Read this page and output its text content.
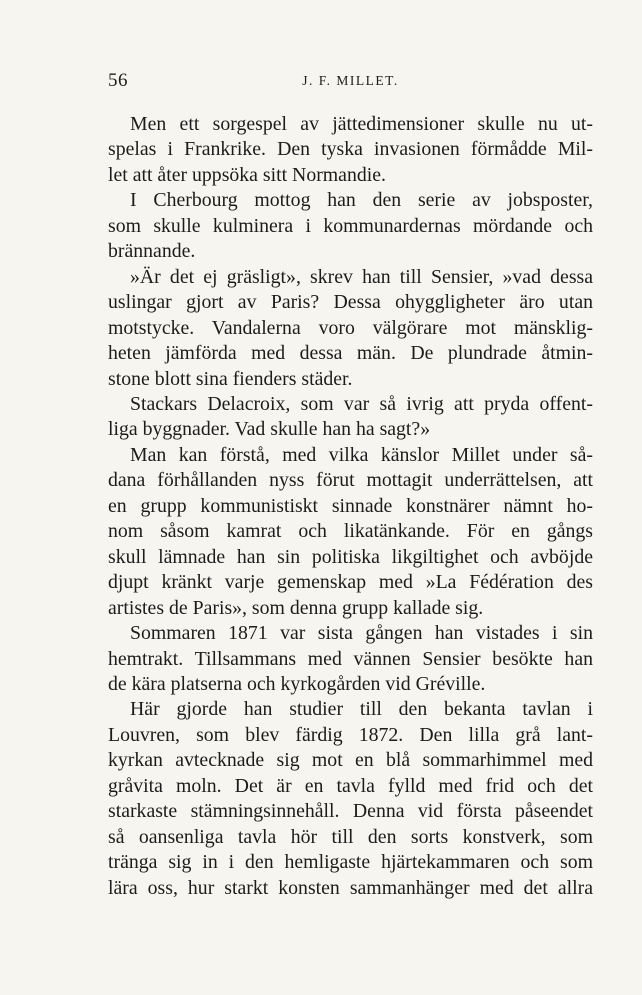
56	J. F. MILLET.
Men ett sorgespel av jättedimensioner skulle nu ut-
spelas i Frankrike. Den tyska invasionen förmådde Mil-
let att åter uppsöka sitt Normandie.
I Cherbourg mottog han den serie av jobsposter,
som skulle kulminera i kommunardernas mördande och
brännande.
»Är det ej gräsligt», skrev han till Sensier, »vad dessa
uslingar gjort av Paris? Dessa ohyggligheter äro utan
motstycke. Vandalerna voro välgörare mot mänsklig-
heten jämförda med dessa män. De plundrade åtmin-
stone blott sina fienders städer.
Stackars Delacroix, som var så ivrig att pryda offent-
liga byggnader. Vad skulle han ha sagt?»
Man kan förstå, med vilka känslor Millet under så-
dana förhållanden nyss förut mottagit underrättelsen, att
en grupp kommunistiskt sinnade konstnärer nämnt ho-
nom såsom kamrat och likatänkande. För en gångs
skull lämnade han sin politiska likgiltighet och avböjde
djupt kränkt varje gemenskap med »La Fédération des
artistes de Paris», som denna grupp kallade sig.
Sommaren 1871 var sista gången han vistades i sin
hemtrakt. Tillsammans med vännen Sensier besökte han
de kära platserna och kyrkogården vid Gréville.
Här gjorde han studier till den bekanta tavlan i
Louvren, som blev färdig 1872. Den lilla grå lant-
kyrkan avtecknade sig mot en blå sommarhimmel med
gråvita moln. Det är en tavla fylld med frid och det
starkaste stämningsinnehåll. Denna vid första påseendet
så oansenliga tavla hör till den sorts konstverk, som
tränga sig in i den hemligaste hjärtekammaren och som
lära oss, hur starkt konsten sammanhänger med det allra
